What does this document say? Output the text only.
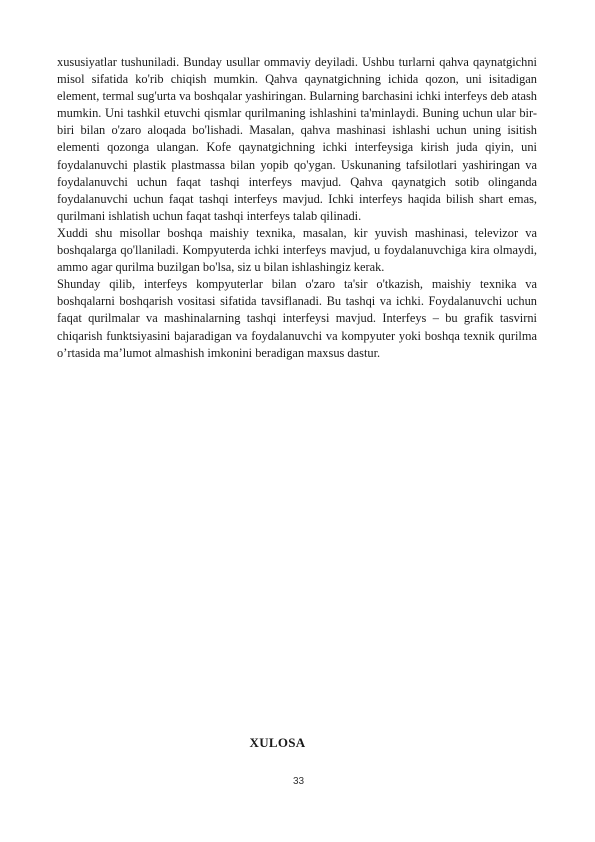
xususiyatlar tushuniladi. Bunday usullar ommaviy deyiladi. Ushbu turlarni qahva qaynatgichni misol sifatida ko'rib chiqish mumkin. Qahva qaynatgichning ichida qozon, uni isitadigan element, termal sug'urta va boshqalar yashiringan. Bularning barchasini ichki interfeys deb atash mumkin. Uni tashkil etuvchi qismlar qurilmaning ishlashini ta'minlaydi. Buning uchun ular bir-biri bilan o'zaro aloqada bo'lishadi. Masalan, qahva mashinasi ishlashi uchun uning isitish elementi qozonga ulangan. Kofe qaynatgichning ichki interfeysiga kirish juda qiyin, uni foydalanuvchi plastik plastmassa bilan yopib qo'ygan. Uskunaning tafsilotlari yashiringan va foydalanuvchi uchun faqat tashqi interfeys mavjud. Qahva qaynatgich sotib olinganda foydalanuvchi uchun faqat tashqi interfeys mavjud. Ichki interfeys haqida bilish shart emas, qurilmani ishlatish uchun faqat tashqi interfeys talab qilinadi.

Xuddi shu misollar boshqa maishiy texnika, masalan, kir yuvish mashinasi, televizor va boshqalarga qo'llaniladi. Kompyuterda ichki interfeys mavjud, u foydalanuvchiga kira olmaydi, ammo agar qurilma buzilgan bo'lsa, siz u bilan ishlashingiz kerak.

Shunday qilib, interfeys kompyuterlar bilan o'zaro ta'sir o'tkazish, maishiy texnika va boshqalarni boshqarish vositasi sifatida tavsiflanadi. Bu tashqi va ichki. Foydalanuvchi uchun faqat qurilmalar va mashinalarning tashqi interfeysi mavjud. Interfeys – bu grafik tasvirni chiqarish funktsiyasini bajaradigan va foydalanuvchi va kompyuter yoki boshqa texnik qurilma o’rtasida ma’lumot almashish imkonini beradigan maxsus dastur.

XULOSA
33
